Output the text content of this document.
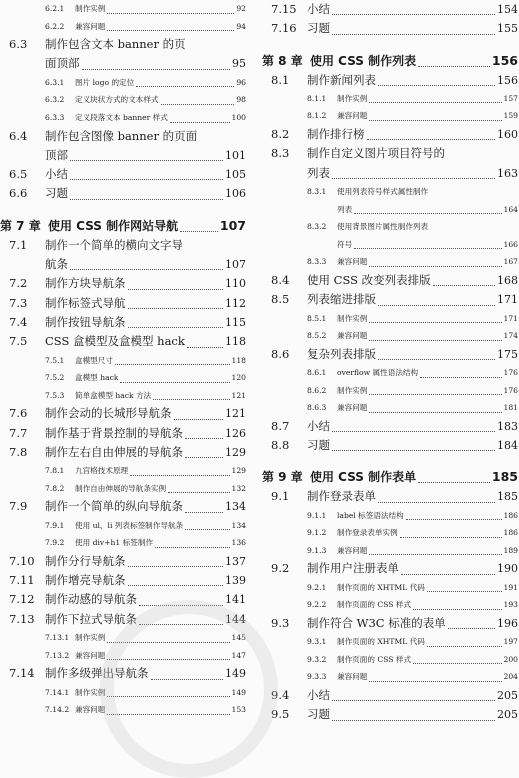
6.2.1	制作实例	92
6.2.2	兼容问题	94
6.3	制作包含文本 banner 的页
面顶部	95
6.3.1	图片 logo 的定位	96
6.3.2	定义块状方式的文本样式	98
6.3.3	定义段落文本 banner 样式	100
6.4	制作包含图像 banner 的页面
顶部	101
6.5	小结	105
6.6	习题	106
第 7 章 使用 CSS 制作网站导航	107
7.1	制作一个简单的横向文字导
航条	107
7.2	制作方块导航条	110
7.3	制作标签式导航	112
7.4	制作按钮导航条	115
7.5	CSS 盒模型及盒模型 hack	118
7.5.1	盒模型尺寸	118
7.5.2	盒模型 hack	120
7.5.3	简单盒模型 hack 方法	121
7.6	制作会动的长城形导航条	121
7.7	制作基于背景控制的导航条	126
7.8	制作左右自由伸展的导航条	129
7.8.1	九宫格技术原理	129
7.8.2	制作自由伸展的导航条实例	132
7.9	制作一个简单的纵向导航条	134
7.9.1	使用 ul、li 列表标签制作导航条	134
7.9.2	使用 div+h1 标签制作	136
7.10 制作分行导航条	137
7.11 制作增亮导航条	139
7.12 制作动感的导航条	141
7.13 制作下拉式导航条	144
7.13.1 制作实例	145
7.13.2 兼容问题	147
7.14 制作多级弹出导航条	149
7.14.1 制作实例	149
7.14.2 兼容问题	153
7.15 小结	154
7.16 习题	155
第 8 章 使用 CSS 制作列表	156
8.1	制作新闻列表	156
8.1.1	制作实例	157
8.1.2	兼容问题	159
8.2	制作排行榜	160
8.3	制作自定义图片项目符号的
列表	163
8.3.1	使用列表符号样式属性制作
列表	164
8.3.2	使用背景图片属性制作列表
符号	166
8.3.3	兼容问题	167
8.4	使用 CSS 改变列表排版	168
8.5	列表缩进排版	171
8.5.1	制作实例	171
8.5.2	兼容问题	174
8.6	复杂列表排版	175
8.6.1	overflow 属性语法结构	176
8.6.2	制作实例	176
8.6.3	兼容问题	181
8.7	小结	183
8.8	习题	184
第 9 章 使用 CSS 制作表单	185
9.1	制作登录表单	185
9.1.1	label 标签语法结构	186
9.1.2	制作登录表单实例	186
9.1.3	兼容问题	189
9.2	制作用户注册表单	190
9.2.1	制作页面的 XHTML 代码	191
9.2.2	制作页面的 CSS 样式	193
9.3	制作符合 W3C 标准的表单	196
9.3.1	制作页面的 XHTML 代码	197
9.3.2	制作页面的 CSS 样式	200
9.3.3	兼容问题	204
9.4	小结	205
9.5	习题	205
